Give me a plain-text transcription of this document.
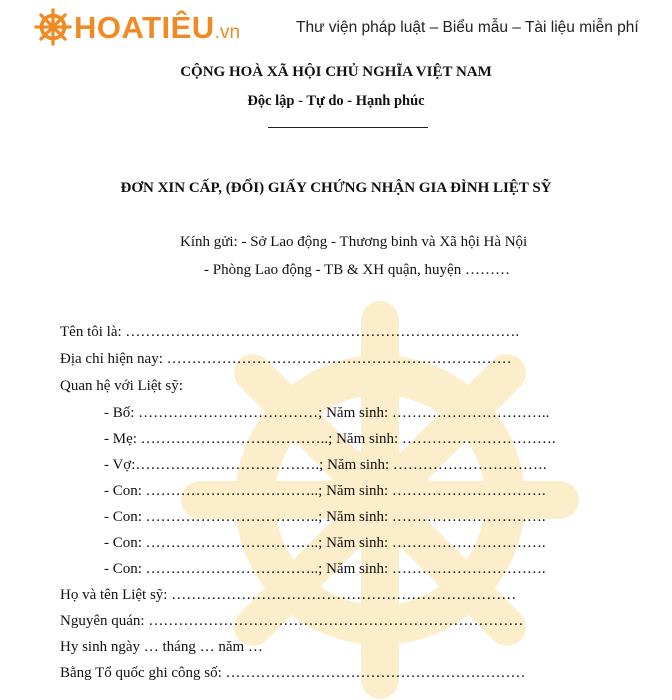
HOATIÊU.vn	Thư viện pháp luật – Biểu mẫu – Tài liệu miễn phí
CỘNG HOÀ XÃ HỘI CHỦ NGHĨA VIỆT NAM
Độc lập - Tự do - Hạnh phúc
ĐƠN XIN CẤP, (ĐỔI) GIẤY CHỨNG NHẬN GIA ĐÌNH LIỆT SỸ
Kính gửi: - Sở Lao động - Thương binh và Xã hội Hà Nội
- Phòng Lao động - TB & XH quận, huyện ………
Tên tôi là: …………………………………………………………………….
Địa chỉ hiện nay: ……………………………………………………………
Quan hệ với Liệt sỹ:
- Bố: ………………………………; Năm sinh: …………………………..
- Mẹ: ………………………………..; Năm sinh: ………………………….
- Vợ:……………………………….; Năm sinh: ………………………….
- Con: ……………………………..; Năm sinh: ………………………….
- Con: ……………………………..; Năm sinh: ………………………….
- Con: ……………………………..; Năm sinh: ………………………….
- Con: ……………………………..; Năm sinh: ………………………….
Họ và tên Liệt sỹ: ……………………………………………………………
Nguyên quán: …………………………………………………………………
Hy sinh ngày … tháng … năm …
Bằng Tổ quốc ghi công số: ……………………………………………………
